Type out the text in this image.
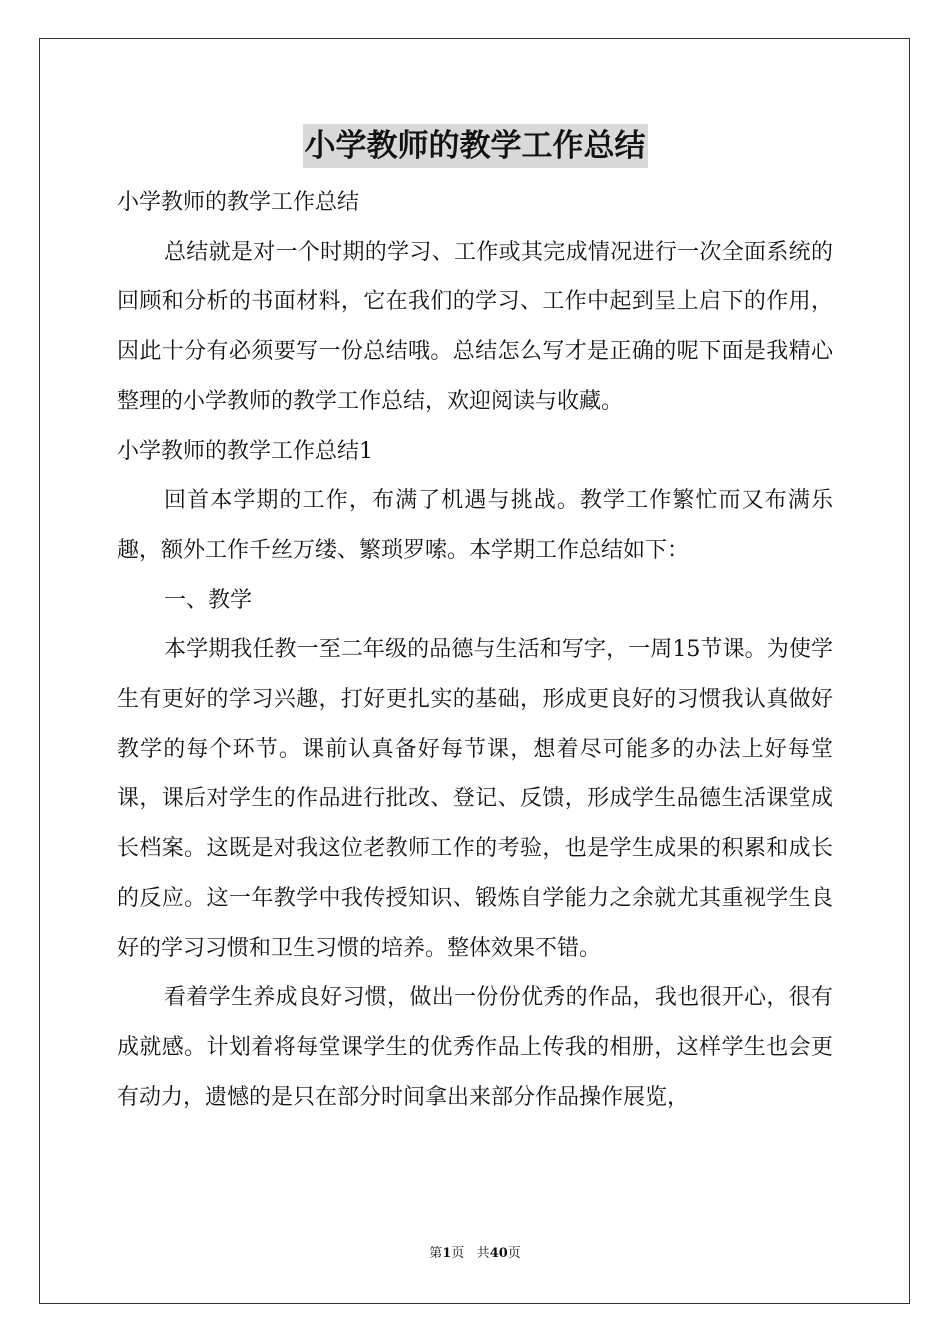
小学教师的教学工作总结

小学教师的教学工作总结

总结就是对一个时期的学习、工作或其完成情况进行一次全面系统的回顾和分析的书面材料，它在我们的学习、工作中起到呈上启下的作用，因此十分有必须要写一份总结哦。总结怎么写才是正确的呢下面是我精心整理的小学教师的教学工作总结，欢迎阅读与收藏。

小学教师的教学工作总结1

回首本学期的工作，布满了机遇与挑战。教学工作繁忙而又布满乐趣，额外工作千丝万缕、繁琐罗嗦。本学期工作总结如下：

一、教学

本学期我任教一至二年级的品德与生活和写字，一周15节课。为使学生有更好的学习兴趣，打好更扎实的基础，形成更良好的习惯我认真做好教学的每个环节。课前认真备好每节课，想着尽可能多的办法上好每堂课，课后对学生的作品进行批改、登记、反馈，形成学生品德生活课堂成长档案。这既是对我这位老教师工作的考验，也是学生成果的积累和成长的反应。这一年教学中我传授知识、锻炼自学能力之余就尤其重视学生良好的学习习惯和卫生习惯的培养。整体效果不错。

看着学生养成良好习惯，做出一份份优秀的作品，我也很开心，很有成就感。计划着将每堂课学生的优秀作品上传我的相册，这样学生也会更有动力，遗憾的是只在部分时间拿出来部分作品操作展览，

第1页 共40页
